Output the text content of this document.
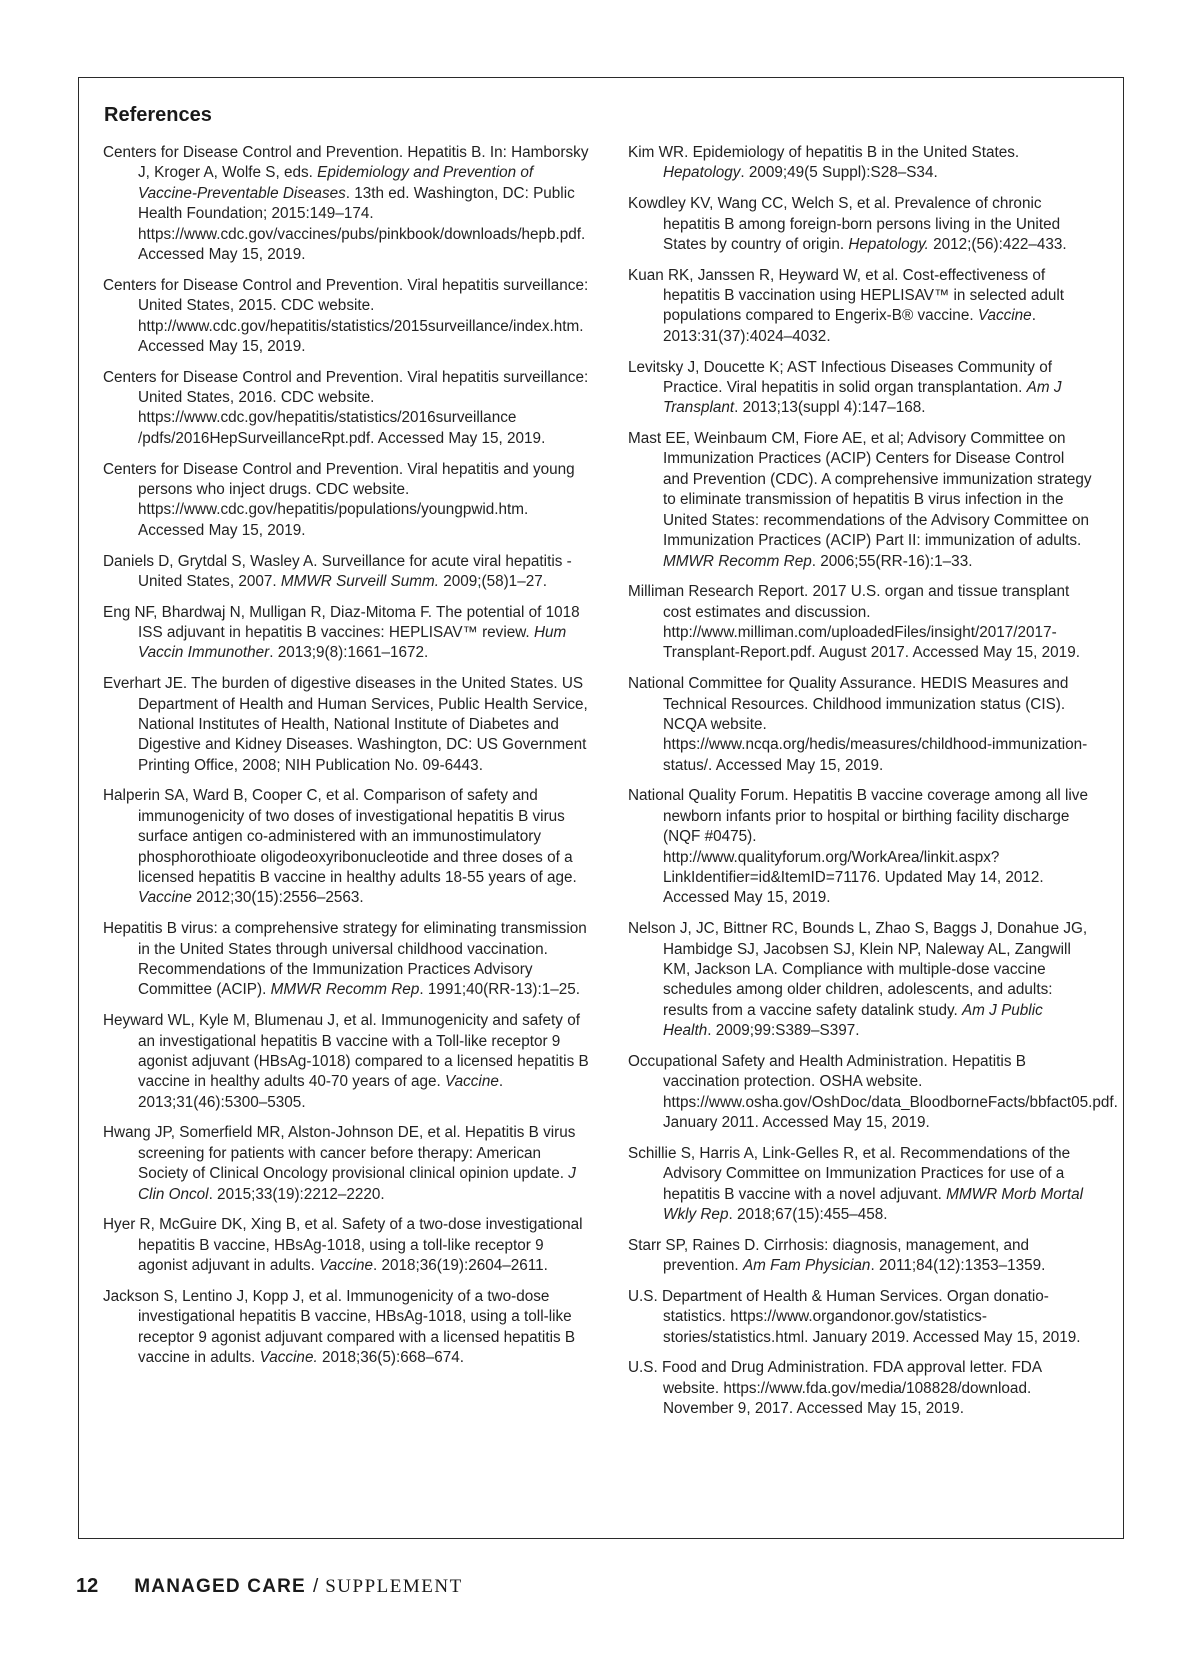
References

Centers for Disease Control and Prevention. Hepatitis B. In: Hamborsky J, Kroger A, Wolfe S, eds. Epidemiology and Prevention of Vaccine-Preventable Diseases. 13th ed. Washington, DC: Public Health Foundation; 2015:149–174. https://www.cdc.gov/vaccines/pubs/pinkbook/downloads/hepb.pdf. Accessed May 15, 2019.

Centers for Disease Control and Prevention. Viral hepatitis surveillance: United States, 2015. CDC website. http://www.cdc.gov/hepatitis/statistics/2015surveillance/index.htm. Accessed May 15, 2019.

Centers for Disease Control and Prevention. Viral hepatitis surveillance: United States, 2016. CDC website. https://www.cdc.gov/hepatitis/statistics/2016surveillance /pdfs/2016HepSurveillanceRpt.pdf. Accessed May 15, 2019.

Centers for Disease Control and Prevention. Viral hepatitis and young persons who inject drugs. CDC website. https://www.cdc.gov/hepatitis/populations/youngpwid.htm. Accessed May 15, 2019.

Daniels D, Grytdal S, Wasley A. Surveillance for acute viral hepatitis - United States, 2007. MMWR Surveill Summ. 2009;(58)1–27.

Eng NF, Bhardwaj N, Mulligan R, Diaz-Mitoma F. The potential of 1018 ISS adjuvant in hepatitis B vaccines: HEPLISAV™ review. Hum Vaccin Immunother. 2013;9(8):1661–1672.

Everhart JE. The burden of digestive diseases in the United States. US Department of Health and Human Services, Public Health Service, National Institutes of Health, National Institute of Diabetes and Digestive and Kidney Diseases. Washington, DC: US Government Printing Office, 2008; NIH Publication No. 09-6443.

Halperin SA, Ward B, Cooper C, et al. Comparison of safety and immunogenicity of two doses of investigational hepatitis B virus surface antigen co-administered with an immunostimulatory phosphorothioate oligodeoxyribonucleotide and three doses of a licensed hepatitis B vaccine in healthy adults 18-55 years of age. Vaccine 2012;30(15):2556–2563.

Hepatitis B virus: a comprehensive strategy for eliminating transmission in the United States through universal childhood vaccination. Recommendations of the Immunization Practices Advisory Committee (ACIP). MMWR Recomm Rep. 1991;40(RR-13):1–25.

Heyward WL, Kyle M, Blumenau J, et al. Immunogenicity and safety of an investigational hepatitis B vaccine with a Toll-like receptor 9 agonist adjuvant (HBsAg-1018) compared to a licensed hepatitis B vaccine in healthy adults 40-70 years of age. Vaccine. 2013;31(46):5300–5305.

Hwang JP, Somerfield MR, Alston-Johnson DE, et al. Hepatitis B virus screening for patients with cancer before therapy: American Society of Clinical Oncology provisional clinical opinion update. J Clin Oncol. 2015;33(19):2212–2220.

Hyer R, McGuire DK, Xing B, et al. Safety of a two-dose investigational hepatitis B vaccine, HBsAg-1018, using a toll-like receptor 9 agonist adjuvant in adults. Vaccine. 2018;36(19):2604–2611.

Jackson S, Lentino J, Kopp J, et al. Immunogenicity of a two-dose investigational hepatitis B vaccine, HBsAg-1018, using a toll-like receptor 9 agonist adjuvant compared with a licensed hepatitis B vaccine in adults. Vaccine. 2018;36(5):668–674.

Kim WR. Epidemiology of hepatitis B in the United States. Hepatology. 2009;49(5 Suppl):S28–S34.

Kowdley KV, Wang CC, Welch S, et al. Prevalence of chronic hepatitis B among foreign-born persons living in the United States by country of origin. Hepatology. 2012;(56):422–433.

Kuan RK, Janssen R, Heyward W, et al. Cost-effectiveness of hepatitis B vaccination using HEPLISAV™ in selected adult populations compared to Engerix-B® vaccine. Vaccine. 2013:31(37):4024–4032.

Levitsky J, Doucette K; AST Infectious Diseases Community of Practice. Viral hepatitis in solid organ transplantation. Am J Transplant. 2013;13(suppl 4):147–168.

Mast EE, Weinbaum CM, Fiore AE, et al; Advisory Committee on Immunization Practices (ACIP) Centers for Disease Control and Prevention (CDC). A comprehensive immunization strategy to eliminate transmission of hepatitis B virus infection in the United States: recommendations of the Advisory Committee on Immunization Practices (ACIP) Part II: immunization of adults. MMWR Recomm Rep. 2006;55(RR-16):1–33.

Milliman Research Report. 2017 U.S. organ and tissue transplant cost estimates and discussion. http://www.milliman.com/uploadedFiles/insight/2017/2017-Transplant-Report.pdf. August 2017. Accessed May 15, 2019.

National Committee for Quality Assurance. HEDIS Measures and Technical Resources. Childhood immunization status (CIS). NCQA website. https://www.ncqa.org/hedis/measures/childhood-immunization-status/. Accessed May 15, 2019.

National Quality Forum. Hepatitis B vaccine coverage among all live newborn infants prior to hospital or birthing facility discharge (NQF #0475). http://www.qualityforum.org/WorkArea/linkit.aspx?LinkIdentifier=id&ItemID=71176. Updated May 14, 2012. Accessed May 15, 2019.

Nelson J, JC, Bittner RC, Bounds L, Zhao S, Baggs J, Donahue JG, Hambidge SJ, Jacobsen SJ, Klein NP, Naleway AL, Zangwill KM, Jackson LA. Compliance with multiple-dose vaccine schedules among older children, adolescents, and adults: results from a vaccine safety datalink study. Am J Public Health. 2009;99:S389–S397.

Occupational Safety and Health Administration. Hepatitis B vaccination protection. OSHA website. https://www.osha.gov/OshDoc/data_BloodborneFacts/bbfact05.pdf. January 2011. Accessed May 15, 2019.

Schillie S, Harris A, Link-Gelles R, et al. Recommendations of the Advisory Committee on Immunization Practices for use of a hepatitis B vaccine with a novel adjuvant. MMWR Morb Mortal Wkly Rep. 2018;67(15):455–458.

Starr SP, Raines D. Cirrhosis: diagnosis, management, and prevention. Am Fam Physician. 2011;84(12):1353–1359.

U.S. Department of Health & Human Services. Organ donatio- statistics. https://www.organdonor.gov/statistics-stories/statistics.html. January 2019. Accessed May 15, 2019.

U.S. Food and Drug Administration. FDA approval letter. FDA website. https://www.fda.gov/media/108828/download. November 9, 2017. Accessed May 15, 2019.

12 MANAGED CARE / SUPPLEMENT
